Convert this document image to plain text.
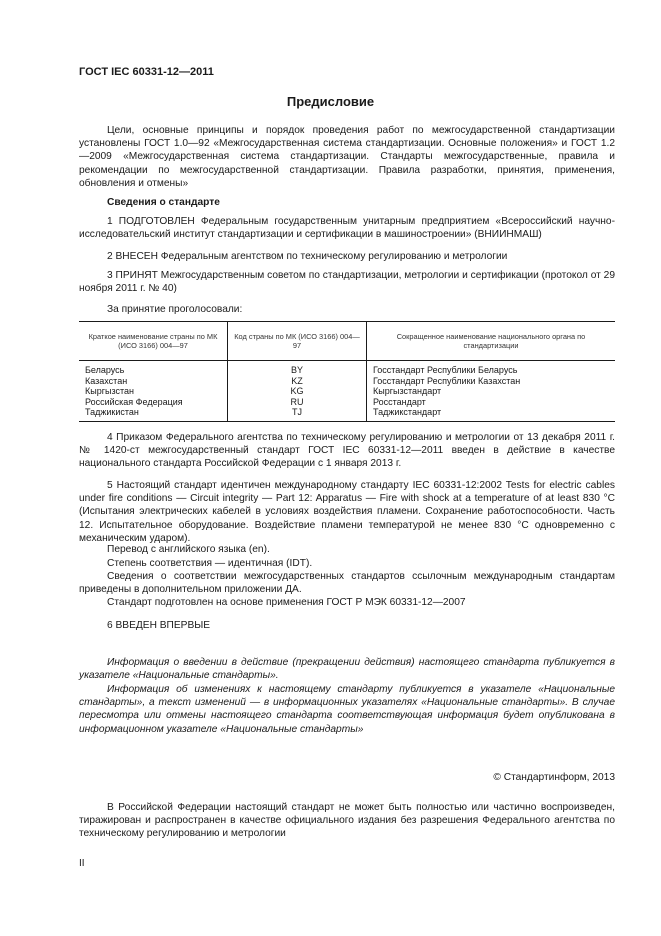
ГОСТ IEC 60331-12—2011
Предисловие
Цели, основные принципы и порядок проведения работ по межгосударственной стандартизации установлены ГОСТ 1.0—92 «Межгосударственная система стандартизации. Основные положения» и ГОСТ 1.2—2009 «Межгосударственная система стандартизации. Стандарты межгосударственные, правила и рекомендации по межгосударственной стандартизации. Правила разработки, принятия, применения, обновления и отмены»
Сведения о стандарте
1 ПОДГОТОВЛЕН Федеральным государственным унитарным предприятием «Всероссийский научно-исследовательский институт стандартизации и сертификации в машиностроении» (ВНИИНМАШ)
2 ВНЕСЕН Федеральным агентством по техническому регулированию и метрологии
3 ПРИНЯТ Межгосударственным советом по стандартизации, метрологии и сертификации (протокол от 29 ноября 2011 г. № 40)
За принятие проголосовали:
Краткое наименование страны по МК (ИСО 3166) 004—97	Код страны по МК (ИСО 3166) 004—97	Сокращенное наименование национального органа по стандартизации
Беларусь	BY	Госстандарт Республики Беларусь
Казахстан	KZ	Госстандарт Республики Казахстан
Кыргызстан	KG	Кыргызстандарт
Российская Федерация	RU	Росстандарт
Таджикистан	TJ	Таджикстандарт
4 Приказом Федерального агентства по техническому регулированию и метрологии от 13 декабря 2011 г. № 1420-ст межгосударственный стандарт ГОСТ IEC 60331-12—2011 введен в действие в качестве национального стандарта Российской Федерации с 1 января 2013 г.
5 Настоящий стандарт идентичен международному стандарту IEC 60331-12:2002 Tests for electric cables under fire conditions — Circuit integrity — Part 12: Apparatus — Fire with shock at a temperature of at least 830 °C (Испытания электрических кабелей в условиях воздействия пламени. Сохранение работоспособности. Часть 12. Испытательное оборудование. Воздействие пламени температурой не менее 830 °С одновременно с механическим ударом).
Перевод с английского языка (en).
Степень соответствия — идентичная (IDT).
Сведения о соответствии межгосударственных стандартов ссылочным международным стандартам приведены в дополнительном приложении ДА.
Стандарт подготовлен на основе применения ГОСТ Р МЭК 60331-12—2007
6 ВВЕДЕН ВПЕРВЫЕ
Информация о введении в действие (прекращении действия) настоящего стандарта публикуется в указателе «Национальные стандарты».
Информация об изменениях к настоящему стандарту публикуется в указателе «Национальные стандарты», а текст изменений — в информационных указателях «Национальные стандарты». В случае пересмотра или отмены настоящего стандарта соответствующая информация будет опубликована в информационном указателе «Национальные стандарты»
© Стандартинформ, 2013
В Российской Федерации настоящий стандарт не может быть полностью или частично воспроизведен, тиражирован и распространен в качестве официального издания без разрешения Федерального агентства по техническому регулированию и метрологии
II
